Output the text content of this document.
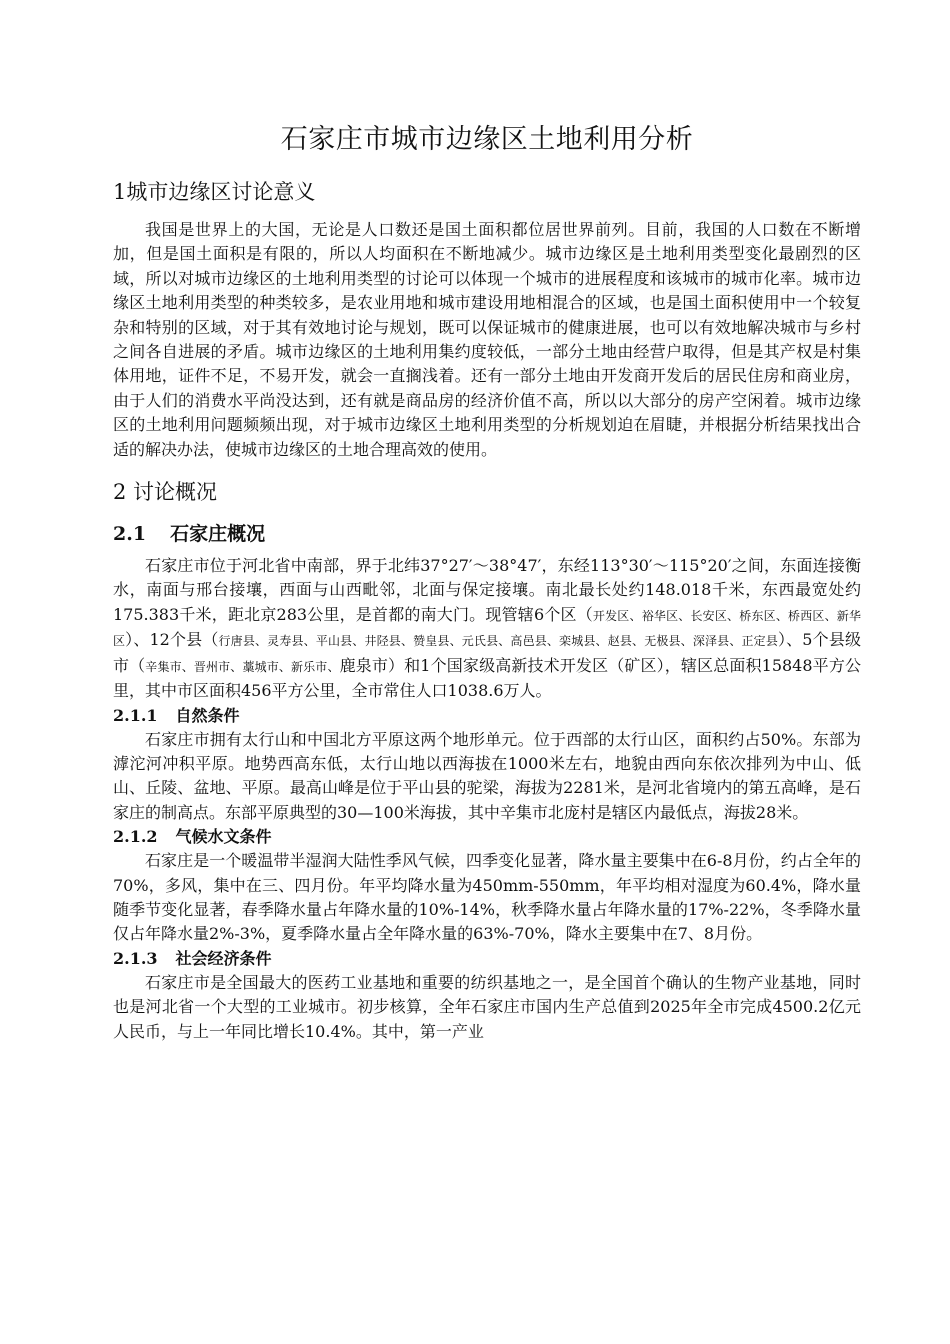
石家庄市城市边缘区土地利用分析
1城市边缘区讨论意义

我国是世界上的大国，无论是人口数还是国土面积都位居世界前列。目前，我国的人口数在不断增加，但是国土面积是有限的，所以人均面积在不断地减少。城市边缘区是土地利用类型变化最剧烈的区域，所以对城市边缘区的土地利用类型的讨论可以体现一个城市的进展程度和该城市的城市化率。城市边缘区土地利用类型的种类较多，是农业用地和城市建设用地相混合的区域，也是国土面积使用中一个较复杂和特别的区域，对于其有效地讨论与规划，既可以保证城市的健康进展，也可以有效地解决城市与乡村之间各自进展的矛盾。城市边缘区的土地利用集约度较低，一部分土地由经营户取得，但是其产权是村集体用地，证件不足，不易开发，就会一直搁浅着。还有一部分土地由开发商开发后的居民住房和商业房，由于人们的消费水平尚没达到，还有就是商品房的经济价值不高，所以以大部分的房产空闲着。城市边缘区的土地利用问题频频出现，对于城市边缘区土地利用类型的分析规划迫在眉睫，并根据分析结果找出合适的解决办法，使城市边缘区的土地合理高效的使用。

2 讨论概况
2.1 石家庄概况

石家庄市位于河北省中南部，界于北纬37°27′～38°47′，东经113°30′～115°20′之间，东面连接衡水，南面与邢台接壤，西面与山西毗邻，北面与保定接壤。南北最长处约148.018千米，东西最宽处约175.383千米，距北京283公里，是首都的南大门。现管辖6个区（开发区、裕华区、长安区、桥东区、桥西区、新华区）、12个县（行唐县、灵寿县、平山县、井陉县、赞皇县、元氏县、高邑县、栾城县、赵县、无极县、深泽县、正定县）、5个县级市（辛集市、晋州市、藁城市、新乐市、鹿泉市）和1个国家级高新技术开发区（矿区），辖区总面积15848平方公里，其中市区面积456平方公里，全市常住人口1038.6万人。

2.1.1 自然条件

石家庄市拥有太行山和中国北方平原这两个地形单元。位于西部的太行山区，面积约占50%。东部为滹沱河冲积平原。地势西高东低，太行山地以西海拔在1000米左右，地貌由西向东依次排列为中山、低山、丘陵、盆地、平原。最高山峰是位于平山县的驼梁，海拔为2281米，是河北省境内的第五高峰，是石家庄的制高点。东部平原典型的30—100米海拔，其中辛集市北庞村是辖区内最低点，海拔28米。

2.1.2 气候水文条件

石家庄是一个暖温带半湿润大陆性季风气候，四季变化显著，降水量主要集中在6-8月份，约占全年的70%，多风，集中在三、四月份。年平均降水量为450mm-550mm，年平均相对湿度为60.4%，降水量随季节变化显著，春季降水量占年降水量的10%-14%，秋季降水量占年降水量的17%-22%，冬季降水量仅占年降水量2%-3%，夏季降水量占全年降水量的63%-70%，降水主要集中在7、8月份。

2.1.3 社会经济条件

石家庄市是全国最大的医药工业基地和重要的纺织基地之一，是全国首个确认的生物产业基地，同时也是河北省一个大型的工业城市。初步核算，全年石家庄市国内生产总值到2025年全市完成4500.2亿元人民币，与上一年同比增长10.4%。其中，第一产业
